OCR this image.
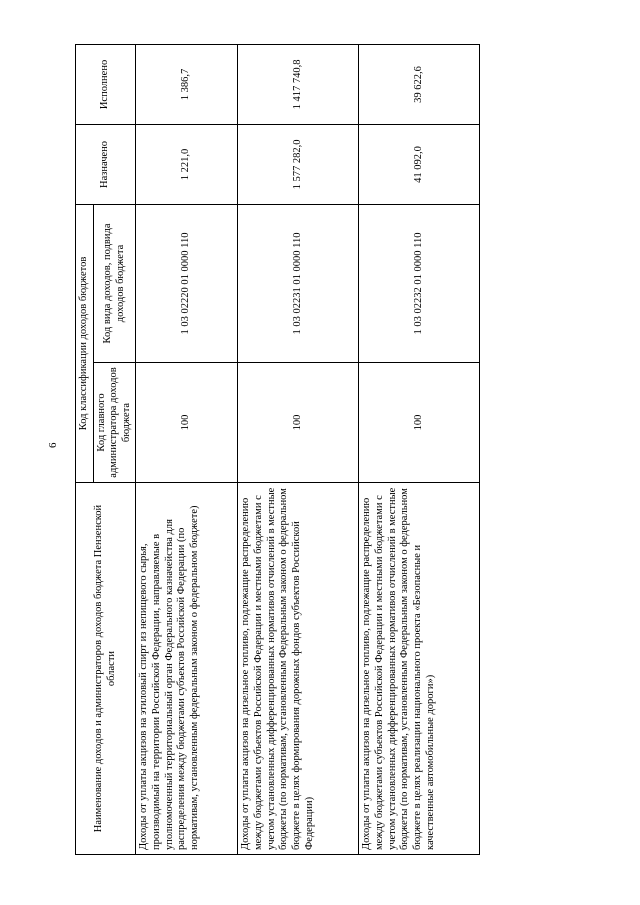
6
Наименование доходов и администраторов доходов бюджета Пензенской области	Код классификации доходов бюджетов		Назначено	Исполнено
	Код главного администратора доходов бюджета	Код вида доходов, подвида доходов бюджета		
Доходы от уплаты акцизов на этиловый спирт из непищевого сырья, производимый на территории Российской Федерации, направляемые в уполномоченный территориальный орган Федерального казначейства для распределения между бюджетами субъектов Российской Федерации (по нормативам, установленным федеральным законом о федеральном бюджете)	100	1 03 02220 01 0000 110	1 221,0	1 386,7
Доходы от уплаты акцизов на дизельное топливо, подлежащие распределению между бюджетами субъектов Российской Федерации и местными бюджетами с учетом установленных дифференцированных нормативов отчислений в местные бюджеты (по нормативам, установленным Федеральным законом о федеральном бюджете в целях формирования дорожных фондов субъектов Российской Федерации)	100	1 03 02231 01 0000 110	1 577 282,0	1 417 740,8
Доходы от уплаты акцизов на дизельное топливо, подлежащие распределению между бюджетами субъектов Российской Федерации и местными бюджетами с учетом установленных дифференцированных нормативов отчислений в местные бюджеты (по нормативам, установленным Федеральным законом о федеральном бюджете в целях реализации национального проекта «Безопасные и качественные автомобильные дороги»)	100	1 03 02232 01 0000 110	41 092,0	39 622,6
